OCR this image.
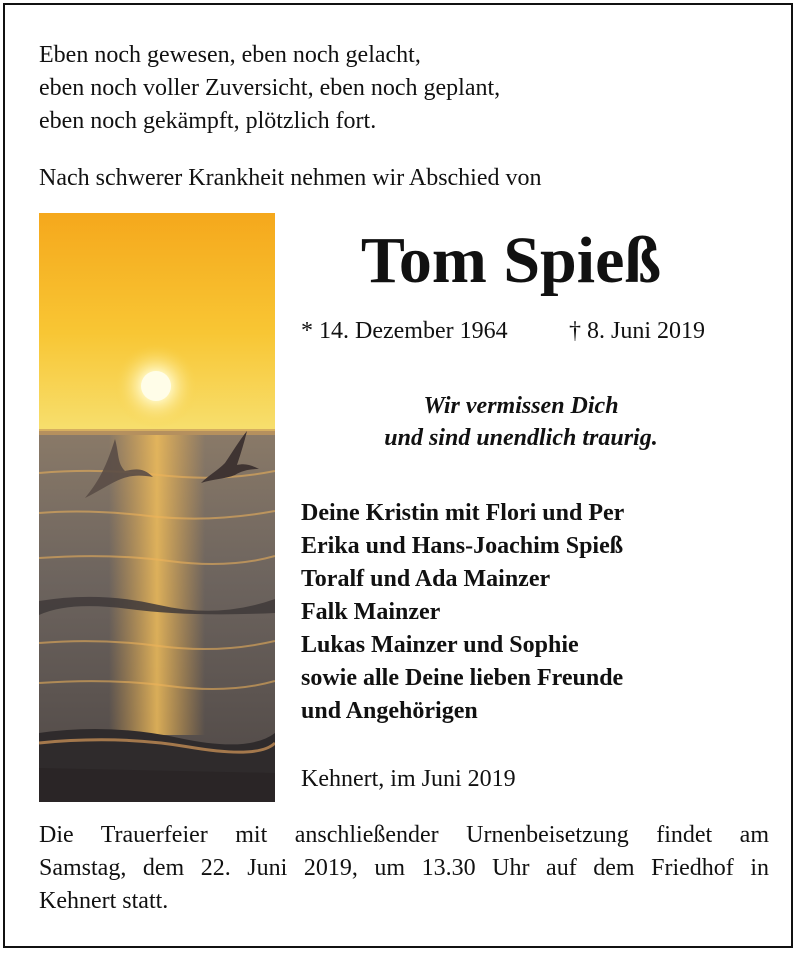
Eben noch gewesen, eben noch gelacht,
eben noch voller Zuversicht, eben noch geplant,
eben noch gekämpft, plötzlich fort.
Nach schwerer Krankheit nehmen wir Abschied von
Tom Spieß
* 14. Dezember 1964	† 8. Juni 2019
Wir vermissen Dich
und sind unendlich traurig.
Deine Kristin mit Flori und Per
Erika und Hans-Joachim Spieß
Toralf und Ada Mainzer
Falk Mainzer
Lukas Mainzer und Sophie
sowie alle Deine lieben Freunde
und Angehörigen
Kehnert, im Juni 2019
Die Trauerfeier mit anschließender Urnenbeisetzung findet am
Samstag, dem 22. Juni 2019, um 13.30 Uhr auf dem Friedhof in
Kehnert statt.
